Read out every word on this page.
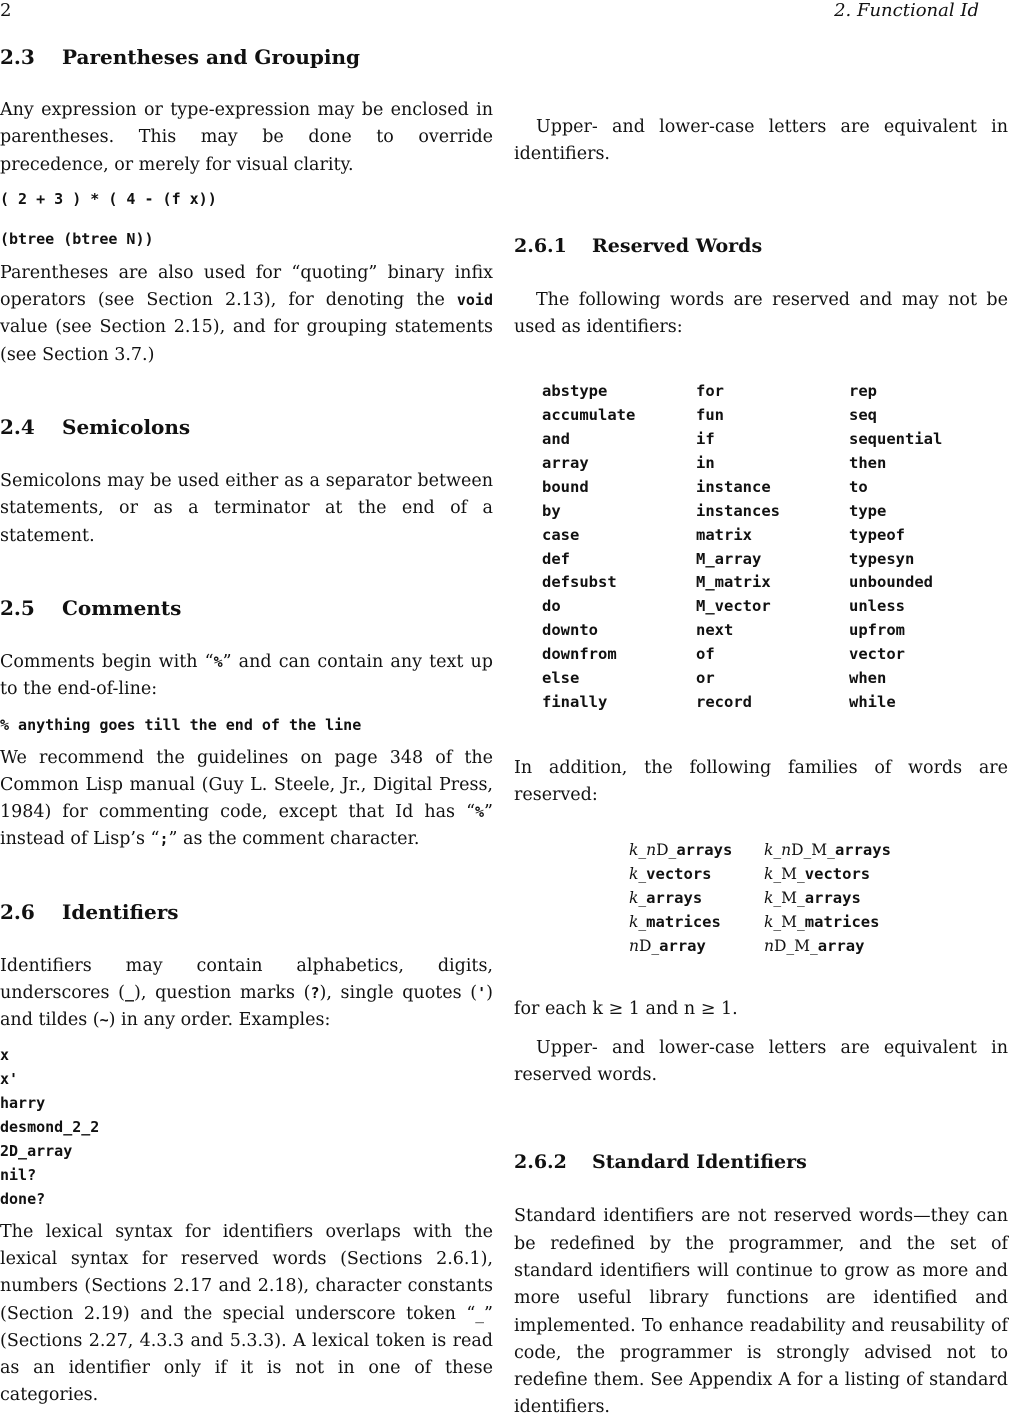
2	2. Functional Id
2.3 Parentheses and Grouping

Any expression or type-expression may be enclosed in parentheses. This may be done to override precedence, or merely for visual clarity.

( 2 + 3 ) * ( 4 - (f x))
(btree (btree N))

Parentheses are also used for “quoting” binary infix operators (see Section 2.13), for denoting the void value (see Section 2.15), and for grouping statements (see Section 3.7.)

2.4 Semicolons

Semicolons may be used either as a separator between statements, or as a terminator at the end of a statement.

2.5 Comments

Comments begin with “%” and can contain any text up to the end-of-line:

% anything goes till the end of the line

We recommend the guidelines on page 348 of the Common Lisp manual (Guy L. Steele, Jr., Digital Press, 1984) for commenting code, except that Id has “%” instead of Lisp’s “;” as the comment character.

2.6 Identifiers

Identifiers may contain alphabetics, digits, underscores (_), question marks (?), single quotes (') and tildes (~) in any order. Examples:

x
x'
harry
desmond_2_2
2D_array
nil?
done?

The lexical syntax for identifiers overlaps with the lexical syntax for reserved words (Sections 2.6.1), numbers (Sections 2.17 and 2.18), character constants (Section 2.19) and the special underscore token “_” (Sections 2.27, 4.3.3 and 5.3.3). A lexical token is read as an identifier only if it is not in one of these categories.

Upper- and lower-case letters are equivalent in identifiers.

2.6.1 Reserved Words

The following words are reserved and may not be used as identifiers:

abstype	for	rep
accumulate	fun	seq
and	if	sequential
array	in	then
bound	instance	to
by	instances	type
case	matrix	typeof
def	M_array	typesyn
defsubst	M_matrix	unbounded
do	M_vector	unless
downto	next	upfrom
downfrom	of	vector
else	or	when
finally	record	while

In addition, the following families of words are reserved:

k_nD_arrays	k_nD_M_arrays
k_vectors	k_M_vectors
k_arrays	k_M_arrays
k_matrices	k_M_matrices
nD_array	nD_M_array

for each k ≥ 1 and n ≥ 1.

Upper- and lower-case letters are equivalent in reserved words.

2.6.2 Standard Identifiers

Standard identifiers are not reserved words—they can be redefined by the programmer, and the set of standard identifiers will continue to grow as more and more useful library functions are identified and implemented. To enhance readability and reusability of code, the programmer is strongly advised not to redefine them. See Appendix A for a listing of standard identifiers.
